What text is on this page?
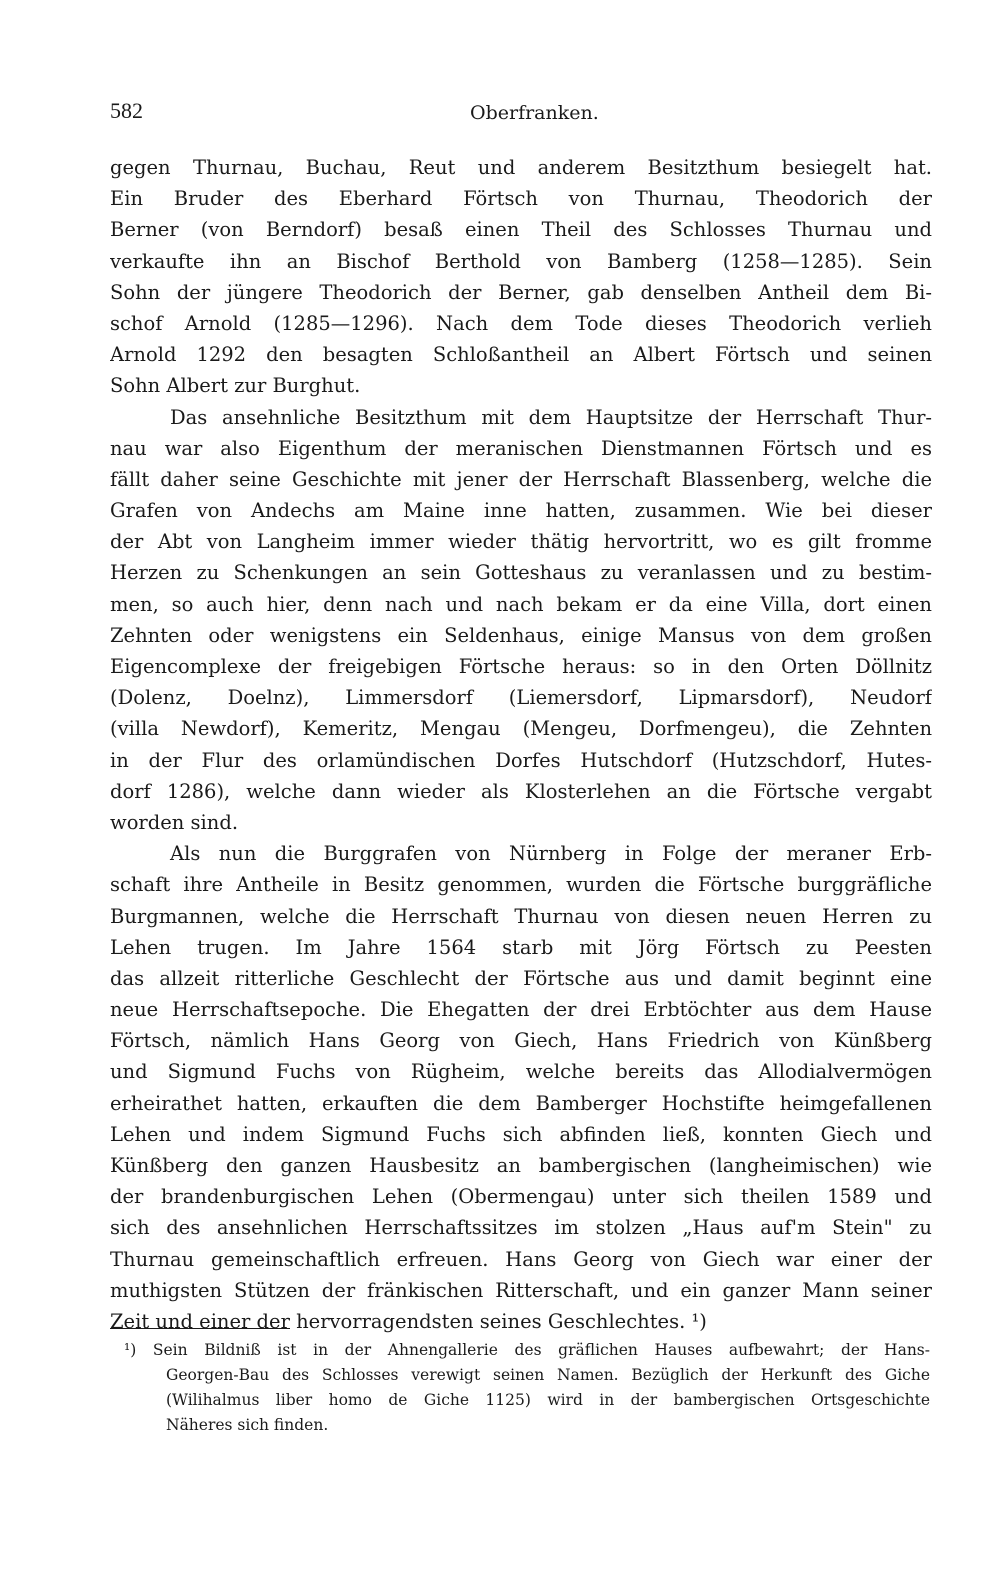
582	Oberfranken.
gegen Thurnau, Buchau, Reut und anderem Besitzthum besiegelt hat.
Ein Bruder des Eberhard Förtsch von Thurnau, Theodorich der
Berner (von Berndorf) besaß einen Theil des Schlosses Thurnau und
verkaufte ihn an Bischof Berthold von Bamberg (1258—1285). Sein
Sohn der jüngere Theodorich der Berner, gab denselben Antheil dem Bi-
schof Arnold (1285—1296). Nach dem Tode dieses Theodorich verlieh
Arnold 1292 den besagten Schloßantheil an Albert Förtsch und seinen
Sohn Albert zur Burghut.
Das ansehnliche Besitzthum mit dem Hauptsitze der Herrschaft Thur-
nau war also Eigenthum der meranischen Dienstmannen Förtsch und es
fällt daher seine Geschichte mit jener der Herrschaft Blassenberg, welche die
Grafen von Andechs am Maine inne hatten, zusammen. Wie bei dieser
der Abt von Langheim immer wieder thätig hervortritt, wo es gilt fromme
Herzen zu Schenkungen an sein Gotteshaus zu veranlassen und zu bestim-
men, so auch hier, denn nach und nach bekam er da eine Villa, dort einen
Zehnten oder wenigstens ein Seldenhaus, einige Mansus von dem großen
Eigencomplexe der freigebigen Förtsche heraus: so in den Orten Döllnitz
(Dolenz, Doelnz), Limmersdorf (Liemersdorf, Lipmarsdorf), Neudorf
(villa Newdorf), Kemeritz, Mengau (Mengeu, Dorfmengeu), die Zehnten
in der Flur des orlamündischen Dorfes Hutschdorf (Hutzschdorf, Hutes-
dorf 1286), welche dann wieder als Klosterlehen an die Förtsche vergabt
worden sind.
Als nun die Burggrafen von Nürnberg in Folge der meraner Erb-
schaft ihre Antheile in Besitz genommen, wurden die Förtsche burggräfliche
Burgmannen, welche die Herrschaft Thurnau von diesen neuen Herren zu
Lehen trugen. Im Jahre 1564 starb mit Jörg Förtsch zu Peesten
das allzeit ritterliche Geschlecht der Förtsche aus und damit beginnt eine
neue Herrschaftsepoche. Die Ehegatten der drei Erbtöchter aus dem Hause
Förtsch, nämlich Hans Georg von Giech, Hans Friedrich von Künßberg
und Sigmund Fuchs von Rügheim, welche bereits das Allodialvermögen
erheirathet hatten, erkauften die dem Bamberger Hochstifte heimgefallenen
Lehen und indem Sigmund Fuchs sich abfinden ließ, konnten Giech und
Künßberg den ganzen Hausbesitz an bambergischen (langheimischen) wie
der brandenburgischen Lehen (Obermengau) unter sich theilen 1589 und
sich des ansehnlichen Herrschaftssitzes im stolzen „Haus auf'm Stein" zu
Thurnau gemeinschaftlich erfreuen. Hans Georg von Giech war einer der
muthigsten Stützen der fränkischen Ritterschaft, und ein ganzer Mann seiner
Zeit und einer der hervorragendsten seines Geschlechtes. ¹)
¹) Sein Bildniß ist in der Ahnengallerie des gräflichen Hauses aufbewahrt; der Hans-
Georgen-Bau des Schlosses verewigt seinen Namen. Bezüglich der Herkunft des Giche
(Wilihalmus liber homo de Giche 1125) wird in der bambergischen Ortsgeschichte
Näheres sich finden.
